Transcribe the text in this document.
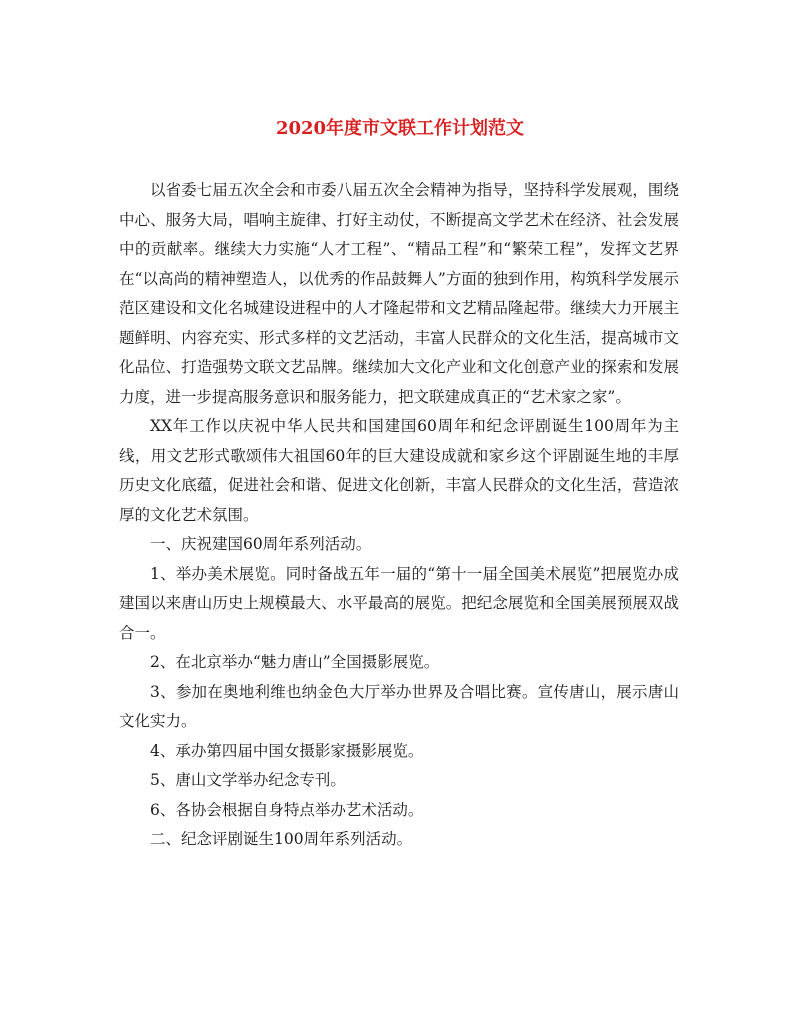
2020年度市文联工作计划范文

以省委七届五次全会和市委八届五次全会精神为指导，坚持科学发展观，围绕中心、服务大局，唱响主旋律、打好主动仗，不断提高文学艺术在经济、社会发展中的贡献率。继续大力实施“人才工程”、“精品工程”和“繁荣工程”，发挥文艺界在“以高尚的精神塑造人，以优秀的作品鼓舞人”方面的独到作用，构筑科学发展示范区建设和文化名城建设进程中的人才隆起带和文艺精品隆起带。继续大力开展主题鲜明、内容充实、形式多样的文艺活动，丰富人民群众的文化生活，提高城市文化品位、打造强势文联文艺品牌。继续加大文化产业和文化创意产业的探索和发展力度，进一步提高服务意识和服务能力，把文联建成真正的“艺术家之家”。

XX年工作以庆祝中华人民共和国建国60周年和纪念评剧诞生100周年为主线，用文艺形式歌颂伟大祖国60年的巨大建设成就和家乡这个评剧诞生地的丰厚历史文化底蕴，促进社会和谐、促进文化创新，丰富人民群众的文化生活，营造浓厚的文化艺术氛围。

一、庆祝建国60周年系列活动。

1、举办美术展览。同时备战五年一届的“第十一届全国美术展览”把展览办成建国以来唐山历史上规模最大、水平最高的展览。把纪念展览和全国美展预展双战合一。

2、在北京举办“魅力唐山”全国摄影展览。

3、参加在奥地利维也纳金色大厅举办世界及合唱比赛。宣传唐山，展示唐山文化实力。

4、承办第四届中国女摄影家摄影展览。

5、唐山文学举办纪念专刊。

6、各协会根据自身特点举办艺术活动。

二、纪念评剧诞生100周年系列活动。
